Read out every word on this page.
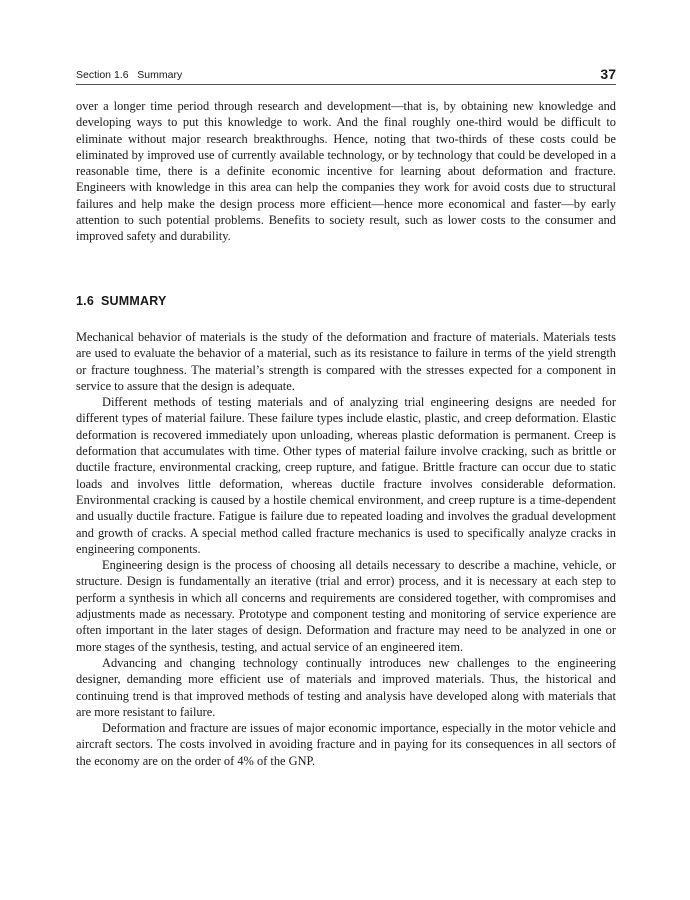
Section 1.6   Summary	37

over a longer time period through research and development—that is, by obtaining new knowledge and developing ways to put this knowledge to work. And the final roughly one-third would be difficult to eliminate without major research breakthroughs. Hence, noting that two-thirds of these costs could be eliminated by improved use of currently available technology, or by technology that could be developed in a reasonable time, there is a definite economic incentive for learning about deformation and fracture. Engineers with knowledge in this area can help the companies they work for avoid costs due to structural failures and help make the design process more efficient—hence more economical and faster—by early attention to such potential problems. Benefits to society result, such as lower costs to the consumer and improved safety and durability.

1.6 SUMMARY

Mechanical behavior of materials is the study of the deformation and fracture of materials. Materials tests are used to evaluate the behavior of a material, such as its resistance to failure in terms of the yield strength or fracture toughness. The material’s strength is compared with the stresses expected for a component in service to assure that the design is adequate.

Different methods of testing materials and of analyzing trial engineering designs are needed for different types of material failure. These failure types include elastic, plastic, and creep deformation. Elastic deformation is recovered immediately upon unloading, whereas plastic deformation is permanent. Creep is deformation that accumulates with time. Other types of material failure involve cracking, such as brittle or ductile fracture, environmental cracking, creep rupture, and fatigue. Brittle fracture can occur due to static loads and involves little deformation, whereas ductile fracture involves considerable deformation. Environmental cracking is caused by a hostile chemical environment, and creep rupture is a time-dependent and usually ductile fracture. Fatigue is failure due to repeated loading and involves the gradual development and growth of cracks. A special method called fracture mechanics is used to specifically analyze cracks in engineering components.

Engineering design is the process of choosing all details necessary to describe a machine, vehicle, or structure. Design is fundamentally an iterative (trial and error) process, and it is necessary at each step to perform a synthesis in which all concerns and requirements are considered together, with compromises and adjustments made as necessary. Prototype and component testing and monitoring of service experience are often important in the later stages of design. Deformation and fracture may need to be analyzed in one or more stages of the synthesis, testing, and actual service of an engineered item.

Advancing and changing technology continually introduces new challenges to the engineering designer, demanding more efficient use of materials and improved materials. Thus, the historical and continuing trend is that improved methods of testing and analysis have developed along with materials that are more resistant to failure.

Deformation and fracture are issues of major economic importance, especially in the motor vehicle and aircraft sectors. The costs involved in avoiding fracture and in paying for its consequences in all sectors of the economy are on the order of 4% of the GNP.
